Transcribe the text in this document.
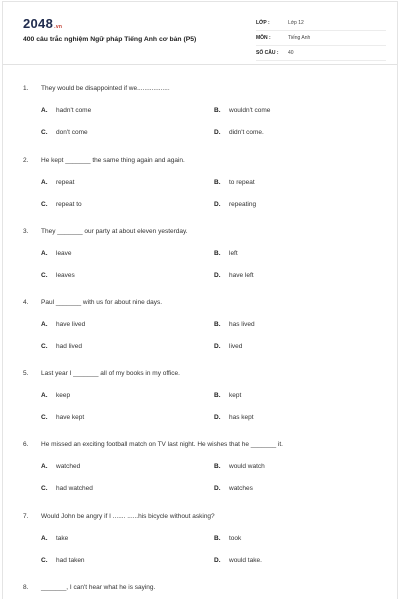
2048.vn
400 câu trắc nghiệm Ngữ pháp Tiếng Anh cơ bản (P5)
LỚP :	Lớp 12
MÔN :	Tiếng Anh
SỐ CÂU :	40
1. They would be disappointed if we..................
A. hadn't come	B. wouldn't come
C. don't come	D. didn't come.
2. He kept _______ the same thing again and again.
A. repeat	B. to repeat
C. repeat to	D. repeating
3. They _______ our party at about eleven yesterday.
A. leave	B. left
C. leaves	D. have left
4. Paul _______ with us for about nine days.
A. have lived	B. has lived
C. had lived	D. lived
5. Last year I _______ all of my books in my office.
A. keep	B. kept
C. have kept	D. has kept
6. He missed an exciting football match on TV last night. He wishes that he _______ it.
A. watched	B. would watch
C. had watched	D. watches
7. Would John be angry if I ....... ......his bicycle without asking?
A. take	B. took
C. had taken	D. would take.
8. _______, I can't hear what he is saying.
